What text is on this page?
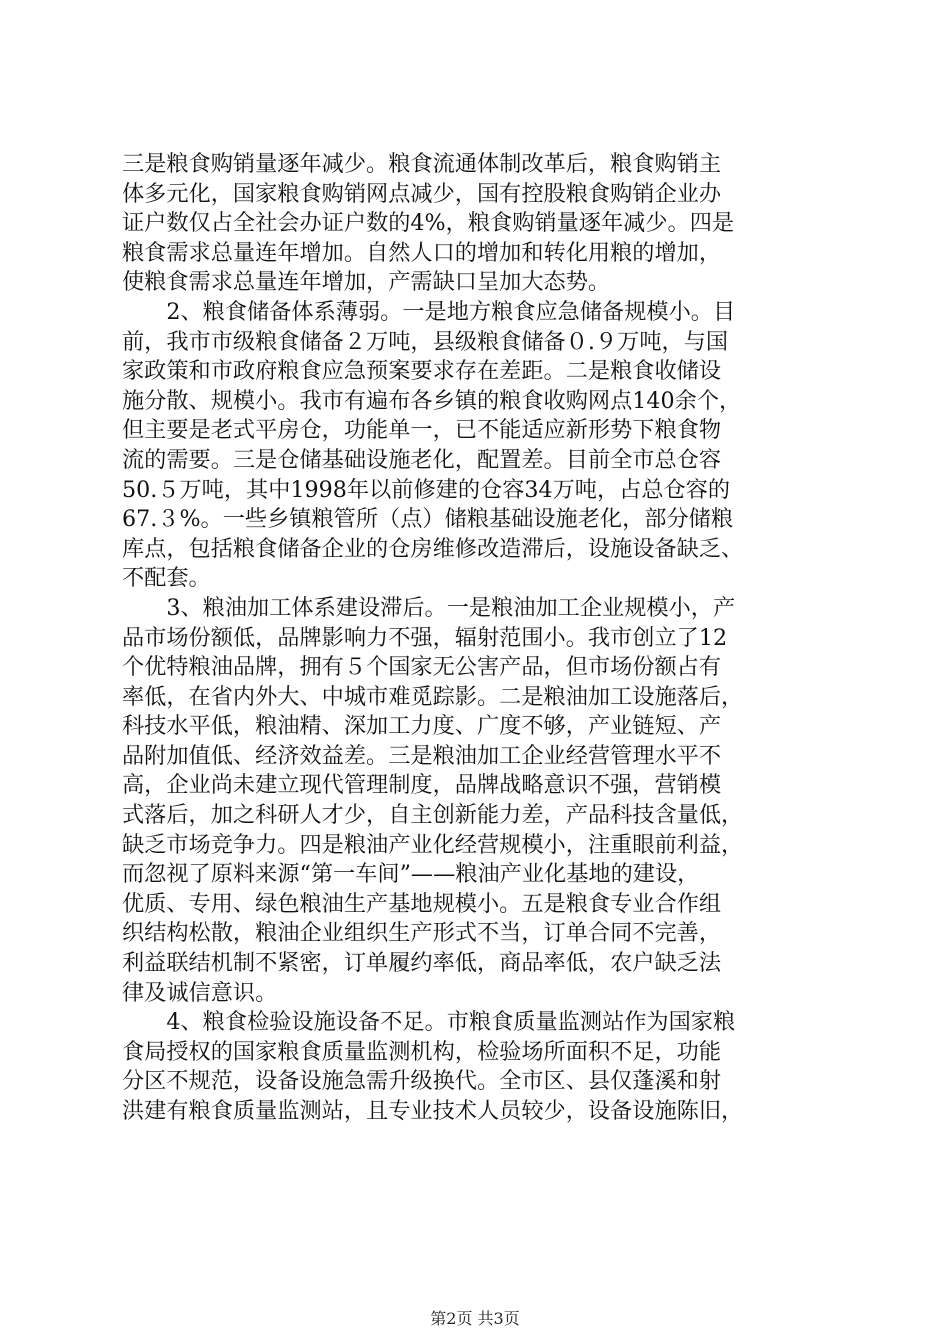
三是粮食购销量逐年减少。粮食流通体制改革后，粮食购销主
体多元化，国家粮食购销网点减少，国有控股粮食购销企业办
证户数仅占全社会办证户数的4%，粮食购销量逐年减少。四是
粮食需求总量连年增加。自然人口的增加和转化用粮的增加，
使粮食需求总量连年增加，产需缺口呈加大态势。
　　2、粮食储备体系薄弱。一是地方粮食应急储备规模小。目
前，我市市级粮食储备２万吨，县级粮食储备０.９万吨，与国
家政策和市政府粮食应急预案要求存在差距。二是粮食收储设
施分散、规模小。我市有遍布各乡镇的粮食收购网点140余个，
但主要是老式平房仓，功能单一，已不能适应新形势下粮食物
流的需要。三是仓储基础设施老化，配置差。目前全市总仓容
50.５万吨，其中1998年以前修建的仓容34万吨，占总仓容的
67.３%。一些乡镇粮管所（点）储粮基础设施老化，部分储粮
库点，包括粮食储备企业的仓房维修改造滞后，设施设备缺乏、
不配套。
　　3、粮油加工体系建设滞后。一是粮油加工企业规模小，产
品市场份额低，品牌影响力不强，辐射范围小。我市创立了12
个优特粮油品牌，拥有５个国家无公害产品，但市场份额占有
率低，在省内外大、中城市难觅踪影。二是粮油加工设施落后，
科技水平低，粮油精、深加工力度、广度不够，产业链短、产
品附加值低、经济效益差。三是粮油加工企业经营管理水平不
高，企业尚未建立现代管理制度，品牌战略意识不强，营销模
式落后，加之科研人才少，自主创新能力差，产品科技含量低，
缺乏市场竞争力。四是粮油产业化经营规模小，注重眼前利益，
而忽视了原料来源“第一车间”——粮油产业化基地的建设，
优质、专用、绿色粮油生产基地规模小。五是粮食专业合作组
织结构松散，粮油企业组织生产形式不当，订单合同不完善，
利益联结机制不紧密，订单履约率低，商品率低，农户缺乏法
律及诚信意识。
　　4、粮食检验设施设备不足。市粮食质量监测站作为国家粮
食局授权的国家粮食质量监测机构，检验场所面积不足，功能
分区不规范，设备设施急需升级换代。全市区、县仅蓬溪和射
洪建有粮食质量监测站，且专业技术人员较少，设备设施陈旧，
第2页 共3页
